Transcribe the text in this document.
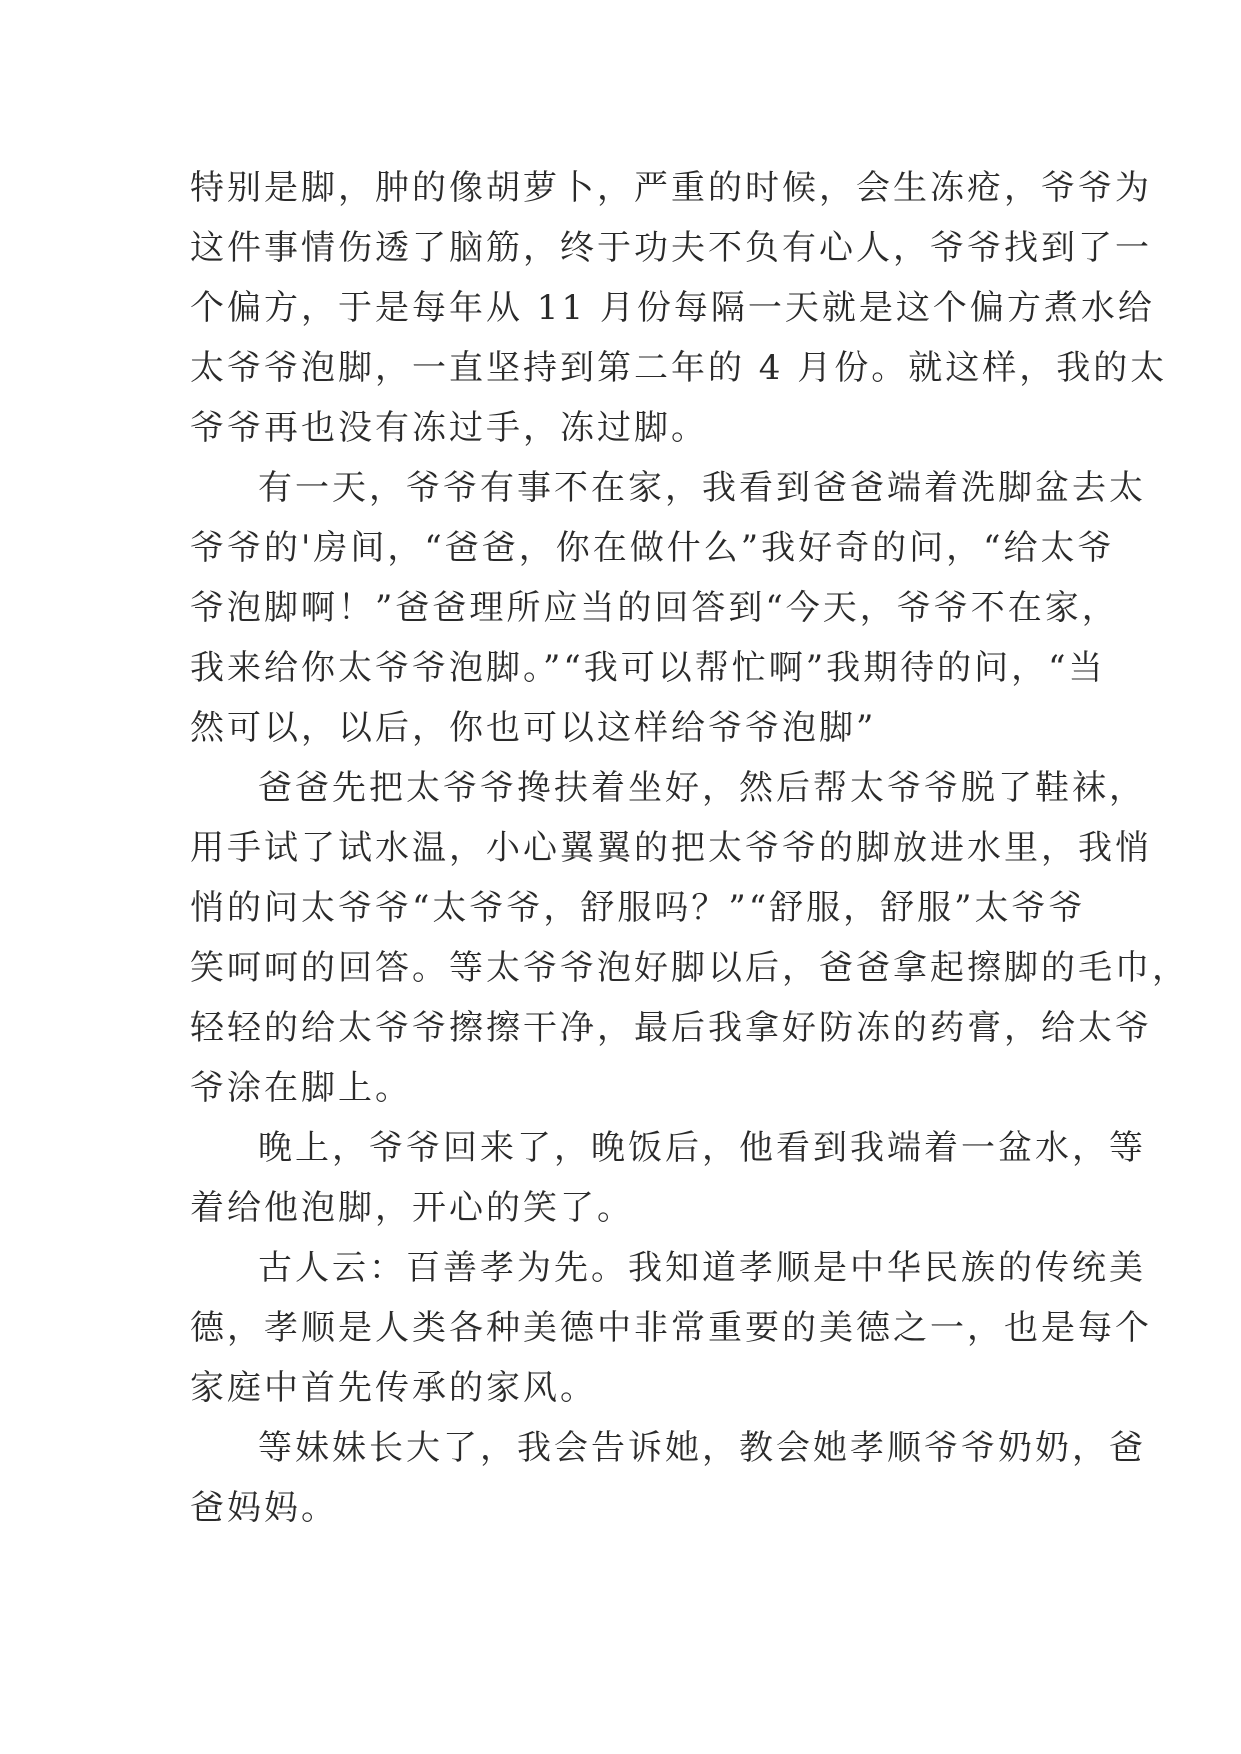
特别是脚，肿的像胡萝卜，严重的时候，会生冻疮，爷爷为
这件事情伤透了脑筋，终于功夫不负有心人，爷爷找到了一
个偏方，于是每年从 11 月份每隔一天就是这个偏方煮水给
太爷爷泡脚，一直坚持到第二年的 4 月份。就这样，我的太
爷爷再也没有冻过手，冻过脚。
有一天，爷爷有事不在家，我看到爸爸端着洗脚盆去太
爷爷的'房间，“爸爸，你在做什么”我好奇的问，“给太爷
爷泡脚啊！”爸爸理所应当的回答到“今天，爷爷不在家，
我来给你太爷爷泡脚。”“我可以帮忙啊”我期待的问，“当
然可以，以后，你也可以这样给爷爷泡脚”
爸爸先把太爷爷搀扶着坐好，然后帮太爷爷脱了鞋袜，
用手试了试水温，小心翼翼的把太爷爷的脚放进水里，我悄
悄的问太爷爷“太爷爷，舒服吗？”“舒服，舒服”太爷爷
笑呵呵的回答。等太爷爷泡好脚以后，爸爸拿起擦脚的毛巾，
轻轻的给太爷爷擦擦干净，最后我拿好防冻的药膏，给太爷
爷涂在脚上。
晚上，爷爷回来了，晚饭后，他看到我端着一盆水，等
着给他泡脚，开心的笑了。
古人云：百善孝为先。我知道孝顺是中华民族的传统美
德，孝顺是人类各种美德中非常重要的美德之一，也是每个
家庭中首先传承的家风。
等妹妹长大了，我会告诉她，教会她孝顺爷爷奶奶，爸
爸妈妈。
